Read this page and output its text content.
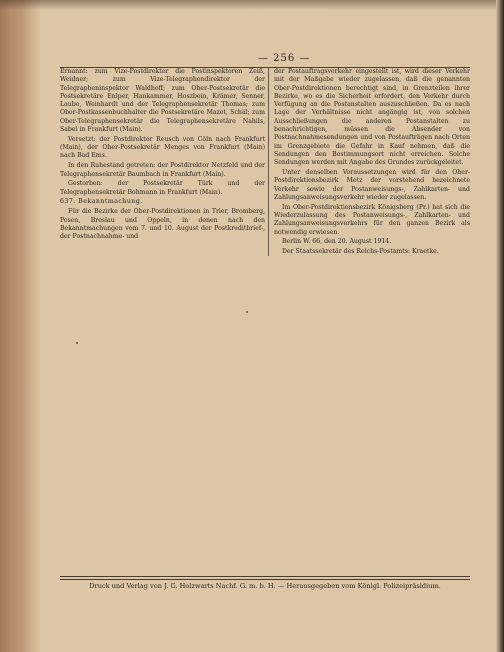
— 256 —

Ernannt: zum Vize-Postdirektor die Postinspektoren Zeiß, Weidner; zum Vize-Telegraphendirektor der Telegrapheninspektor Waldhoff; zum Ober-Postsekretär die Postsekretäre Enlper, Hankammer, Hoszbein, Krämer, Senner, Laube, Weinhardt und der Telegraphensekretär Thomas; zum Ober-Postkassenbuchhalter die Postsekretäre Mazet, Schäl; zum Ober-Telegraphensekretär die Telegraphensekretäre Nahils, Sabel in Frankfurt (Main).

Versetzt: der Postdirektor Reusch von Cöln nach Frankfurt (Main), der Ober-Postsekretär Menges von Frankfurt (Main) nach Bad Ems.

In den Ruhestand getreten: der Postdirektor Netzfeld und der Telegraphensekretär Baumbach in Frankfurt (Main).

Gestorben: der Postsekretär Türk und der Telegraphensekretär Bohmann in Frankfurt (Main).

637. Bekanntmachung.

Für die Bezirke der Ober-Postdirektionen in Trier, Bromberg, Posen, Breslau und Oppeln, in denen nach den Bekanntmachungen vom 7. und 10. August der Postkreditbrief-, der Postnachnahme- und

der Postauftragsverkehr eingestellt ist, wird dieser Verkehr mit der Maßgabe wieder zugelassen, daß die genannten Ober-Postdirektionen berechtigt sind, in Grenzteilen ihrer Bezirke, wo es die Sicherheit erfordert, den Verkehr durch Verfügung an die Postanstalten auszuschließen. Da es nach Lage der Verhältnisse nicht angängig ist, von solchen Ausschließungen die anderen Postanstalten zu benachrichtigen, müssen die Absender von Postnachnahmesendungen und von Postaufträgen nach Orten im Grenzgebiete die Gefahr in Kauf nehmen, daß die Sendungen den Bestimmungsort nicht erreichen. Solche Sendungen werden mit Angabe des Grundes zurückgeleitet.

Unter denselben Voraussetzungen wird für den Ober-Postdirektionsbezirk Metz der vorstehend bezeichnete Verkehr sowie der Postanweisungs-, Zahlkarten- und Zahlungsanweisungsverkehr wieder zugelassen.

Im Ober-Postdirektionsbezirk Königsberg (Pr.) hat sich die Wiederzulassung des Postanweisungs-, Zahlkarten- und Zahlungsanweisungsverkehrs für den ganzen Bezirk als notwendig erwiesen.

Berlin W. 66, den 20. August 1914.

Der Staatssekretär des Reichs-Postamts: Kraetke.

Druck und Verlag von J. G. Holzwarts Nachf. G. m. b. H. — Herausgegeben vom Königl. Polizeipräsidium.
